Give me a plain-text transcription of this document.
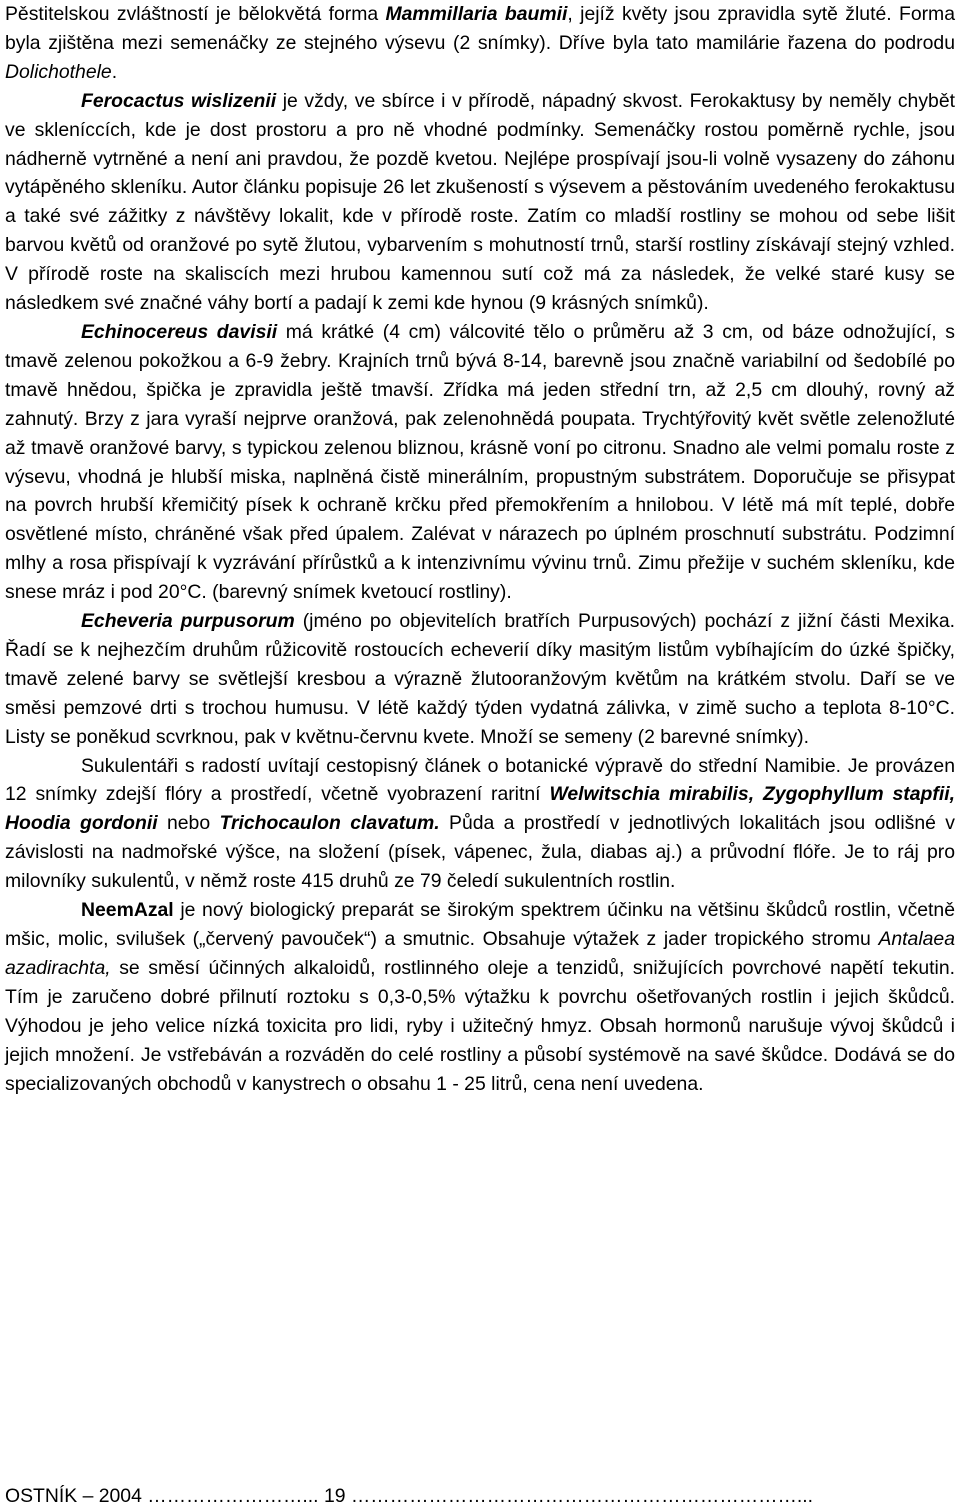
Pěstitelskou zvláštností je bělokvětá forma Mammillaria baumii, jejíž květy jsou zpravidla sytě žluté. Forma byla zjištěna mezi semenáčky ze stejného výsevu (2 snímky). Dříve byla tato mamilárie řazena do podrodu Dolichothele.

Ferocactus wislizenii je vždy, ve sbírce i v přírodě, nápadný skvost. Ferokaktusy by neměly chybět ve skleníccích, kde je dost prostoru a pro ně vhodné podmínky. Semenáčky rostou poměrně rychle, jsou nádherně vytrněné a není ani pravdou, že pozdě kvetou. Nejlépe prospívají jsou-li volně vysazeny do záhonu vytápěného skleníku. Autor článku popisuje 26 let zkušeností s výsevem a pěstováním uvedeného ferokaktusu a také své zážitky z návštěvy lokalit, kde v přírodě roste. Zatím co mladší rostliny se mohou od sebe lišit barvou květů od oranžové po sytě žlutou, vybarvením s mohutností trnů, starší rostliny získávají stejný vzhled. V přírodě roste na skaliscích mezi hrubou kamennou sutí což má za následek, že velké staré kusy se následkem své značné váhy bortí a padají k zemi kde hynou (9 krásných snímků).

Echinocereus davisii má krátké (4 cm) válcovité tělo o průměru až 3 cm, od báze odnožující, s tmavě zelenou pokožkou a 6-9 žebry. Krajních trnů bývá 8-14, barevně jsou značně variabilní od šedobílé po tmavě hnědou, špička je zpravidla ještě tmavší. Zřídka má jeden střední trn, až 2,5 cm dlouhý, rovný až zahnutý. Brzy z jara vyraší nejprve oranžová, pak zelenohnědá poupata. Trychtýřovitý květ světle zelenožluté až tmavě oranžové barvy, s typickou zelenou bliznou, krásně voní po citronu. Snadno ale velmi pomalu roste z výsevu, vhodná je hlubší miska, naplněná čistě minerálním, propustným substrátem. Doporučuje se přisypat na povrch hrubší křemičitý písek k ochraně krčku před přemokřením a hnilobou. V létě má mít teplé, dobře osvětlené místo, chráněné však před úpalem. Zalévat v nárazech po úplném proschnutí substrátu. Podzimní mlhy a rosa přispívají k vyzrávání přírůstků a k intenzivnímu vývinu trnů. Zimu přežije v suchém skleníku, kde snese mráz i pod 20°C. (barevný snímek kvetoucí rostliny).

Echeveria purpusorum (jméno po objevitelích bratřích Purpusových) pochází z jižní části Mexika. Řadí se k nejhezčím druhům růžicovitě rostoucích echeverií díky masitým listům vybíhajícím do úzké špičky, tmavě zelené barvy se světlejší kresbou a výrazně žlutooranžovým květům na krátkém stvolu. Daří se ve směsi pemzové drti s trochou humusu. V létě každý týden vydatná zálivka, v zimě sucho a teplota 8-10°C. Listy se poněkud scvrknou, pak v květnu-červnu kvete. Množí se semeny (2 barevné snímky).

Sukulentáři s radostí uvítají cestopisný článek o botanické výpravě do střední Namibie. Je provázen 12 snímky zdejší flóry a prostředí, včetně vyobrazení raritní Welwitschia mirabilis, Zygophyllum stapfii, Hoodia gordonii nebo Trichocaulon clavatum. Půda a prostředí v jednotlivých lokalitách jsou odlišné v závislosti na nadmořské výšce, na složení (písek, vápenec, žula, diabas aj.) a průvodní flóře. Je to ráj pro milovníky sukulentů, v němž roste 415 druhů ze 79 čeledí sukulentních rostlin.

NeemAzal je nový biologický preparát se širokým spektrem účinku na většinu škůdců rostlin, včetně mšic, molic, svilušek („červený pavouček“) a smutnic. Obsahuje výtažek z jader tropického stromu Antalaea azadirachta, se směsí účinných alkaloidů, rostlinného oleje a tenzidů, snižujících povrchové napětí tekutin. Tím je zaručeno dobré přilnutí roztoku s 0,3-0,5% výtažku k povrchu ošetřovaných rostlin i jejich škůdců. Výhodou je jeho velice nízká toxicita pro lidi, ryby i užitečný hmyz. Obsah hormonů narušuje vývoj škůdců i jejich množení. Je vstřebáván a rozváděn do celé rostliny a působí systémově na savé škůdce. Dodává se do specializovaných obchodů v kanystrech o obsahu 1 - 25 litrů, cena není uvedena.

OSTNÍK – 2004 ……………………... 19 ……………………………………………………………...
